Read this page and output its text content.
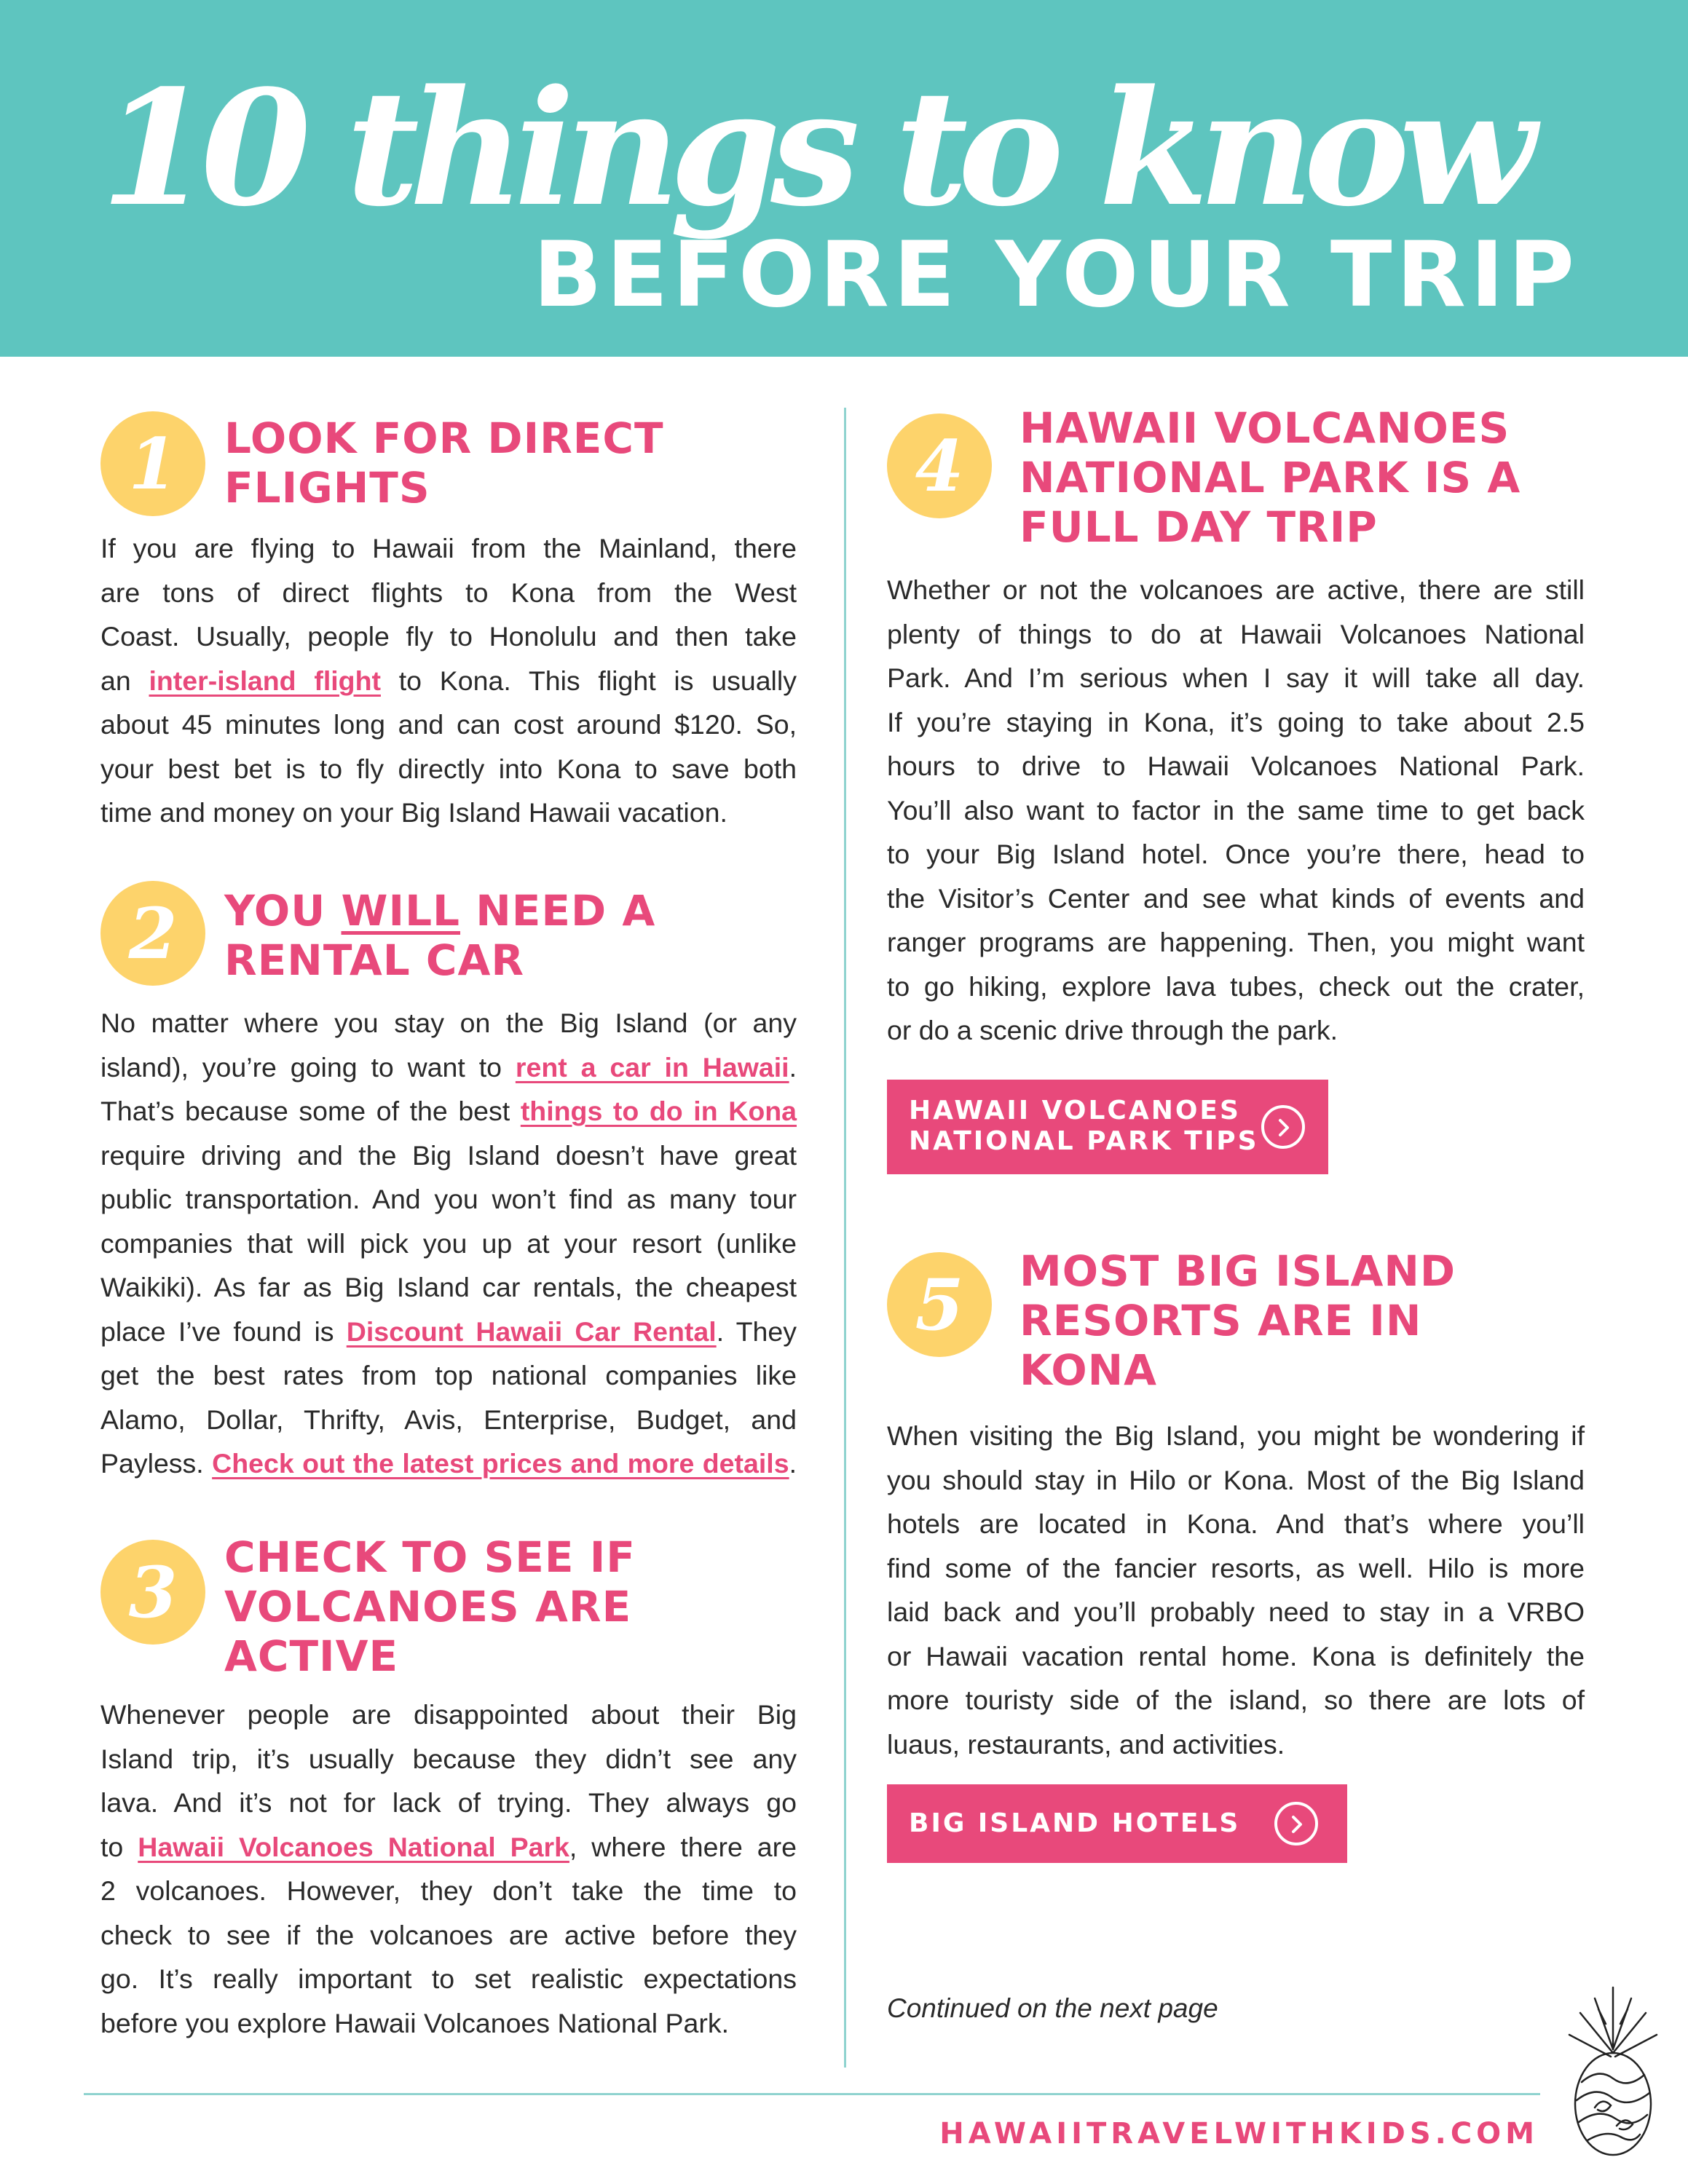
10 things to know
BEFORE YOUR TRIP
1	LOOK FOR DIRECT
FLIGHTS
If you are flying to Hawaii from the Mainland, there
are tons of direct flights to Kona from the West
Coast. Usually, people fly to Honolulu and then take
an inter-island flight to Kona. This flight is usually
about 45 minutes long and can cost around $120. So,
your best bet is to fly directly into Kona to save both
time and money on your Big Island Hawaii vacation.
2	YOU WILL NEED A
RENTAL CAR
No matter where you stay on the Big Island (or any
island), you’re going to want to rent a car in Hawaii.
That’s because some of the best things to do in Kona
require driving and the Big Island doesn’t have great
public transportation. And you won’t find as many tour
companies that will pick you up at your resort (unlike
Waikiki). As far as Big Island car rentals, the cheapest
place I’ve found is Discount Hawaii Car Rental. They
get the best rates from top national companies like
Alamo, Dollar, Thrifty, Avis, Enterprise, Budget, and
Payless. Check out the latest prices and more details.
3	CHECK TO SEE IF
VOLCANOES ARE
ACTIVE
Whenever people are disappointed about their Big
Island trip, it’s usually because they didn’t see any
lava. And it’s not for lack of trying. They always go
to Hawaii Volcanoes National Park, where there are
2 volcanoes. However, they don’t take the time to
check to see if the volcanoes are active before they
go. It’s really important to set realistic expectations
before you explore Hawaii Volcanoes National Park.
4	HAWAII VOLCANOES
NATIONAL PARK IS A
FULL DAY TRIP
Whether or not the volcanoes are active, there are still
plenty of things to do at Hawaii Volcanoes National
Park. And I’m serious when I say it will take all day.
If you’re staying in Kona, it’s going to take about 2.5
hours to drive to Hawaii Volcanoes National Park.
You’ll also want to factor in the same time to get back
to your Big Island hotel. Once you’re there, head to
the Visitor’s Center and see what kinds of events and
ranger programs are happening. Then, you might want
to go hiking, explore lava tubes, check out the crater,
or do a scenic drive through the park.
HAWAII VOLCANOES
NATIONAL PARK TIPS
5	MOST BIG ISLAND
RESORTS ARE IN
KONA
When visiting the Big Island, you might be wondering if
you should stay in Hilo or Kona. Most of the Big Island
hotels are located in Kona. And that’s where you’ll
find some of the fancier resorts, as well. Hilo is more
laid back and you’ll probably need to stay in a VRBO
or Hawaii vacation rental home. Kona is definitely the
more touristy side of the island, so there are lots of
luaus, restaurants, and activities.
BIG ISLAND HOTELS
Continued on the next page
HAWAIITRAVELWITHKIDS.COM
